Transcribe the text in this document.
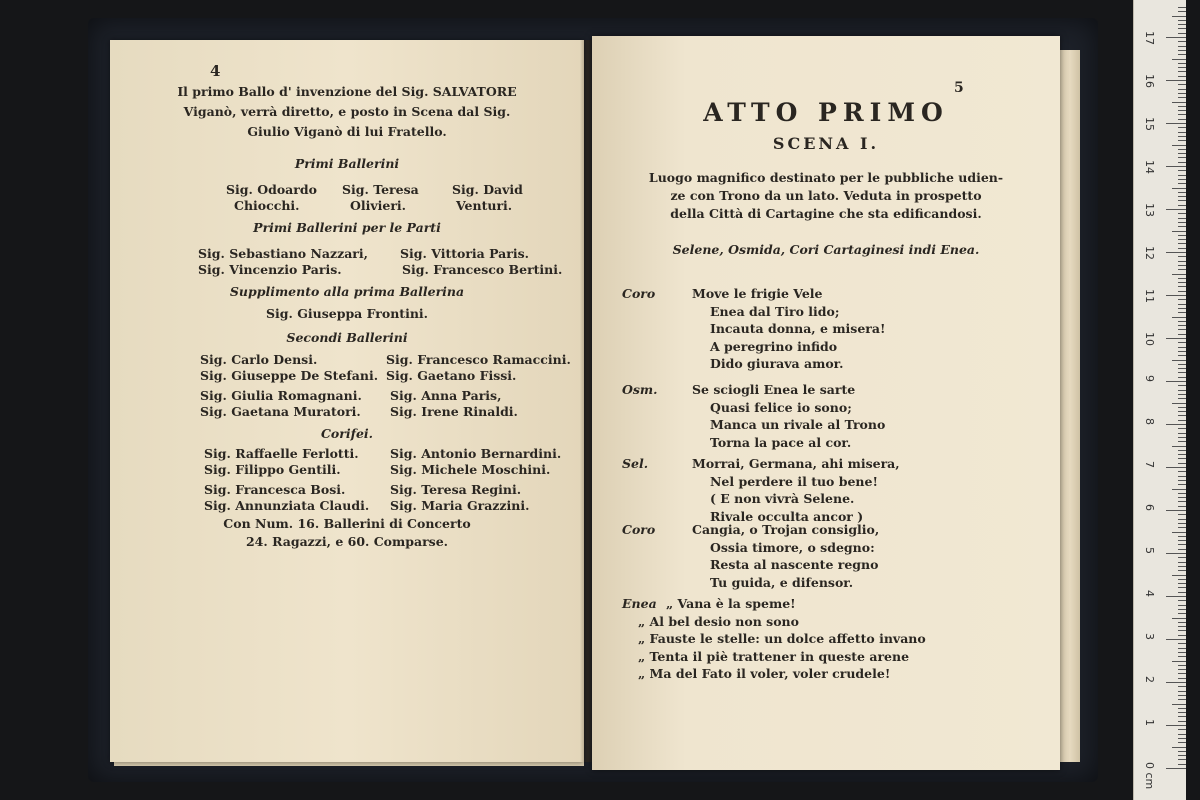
4
Il primo Ballo d' invenzione del Sig. SALVATORE
Viganò, verrà diretto, e posto in Scena dal Sig.
Giulio Viganò di lui Fratello.
Primi Ballerini
Sig. Odoardo Sig. Teresa	Sig. David
Chiocchi.	Olivieri.	Venturi.
Primi Ballerini per le Parti
Sig. Sebastiano Nazzari,	Sig. Vittoria Paris.
Sig. Vincenzio Paris.	Sig. Francesco Bertini.
Supplimento alla prima Ballerina
Sig. Giuseppa Frontini.
Secondi Ballerini
Sig. Carlo Densi.	Sig. Francesco Ramaccini.
Sig. Giuseppe De Stefani. Sig. Gaetano Fissi.
Sig. Giulia Romagnani. Sig. Anna Paris,
Sig. Gaetana Muratori. Sig. Irene Rinaldi.
Corifei.
Sig. Raffaelle Ferlotti.	Sig. Antonio Bernardini.
Sig. Filippo Gentili.	Sig. Michele Moschini.
Sig. Francesca Bosi.	Sig. Teresa Regini.
Sig. Annunziata Claudi. Sig. Maria Grazzini.
Con Num. 16. Ballerini di Concerto
24. Ragazzi, e 60. Comparse.
5
ATTO PRIMO
SCENA I.
Luogo magnifico destinato per le pubbliche udien-
ze con Trono da un lato. Veduta in prospetto
della Città di Cartagine che sta edificandosi.
Selene, Osmida, Cori Cartaginesi indi Enea.
Coro	Move le frigie Vele
Enea dal Tiro lido;
Incauta donna, e misera!
A peregrino infido
Dido giurava amor.
Osm.	Se sciogli Enea le sarte
Quasi felice io sono;
Manca un rivale al Trono
Torna la pace al cor.
Sel.	Morrai, Germana, ahi misera,
Nel perdere il tuo bene!
( E non vivrà Selene.
Rivale occulta ancor )
Coro	Cangia, o Trojan consiglio,
Ossia timore, o sdegno:
Resta al nascente regno
Tu guida, e difensor.
Enea „ Vana è la speme!
„ Al bel desio non sono
„ Fauste le stelle: un dolce affetto invano
„ Tenta il piè trattener in queste arene
„ Ma del Fato il voler, voler crudele!
0 cm
1
2
3
4
5
6
7
8
9
10
11
12
13
14
15
16
17
